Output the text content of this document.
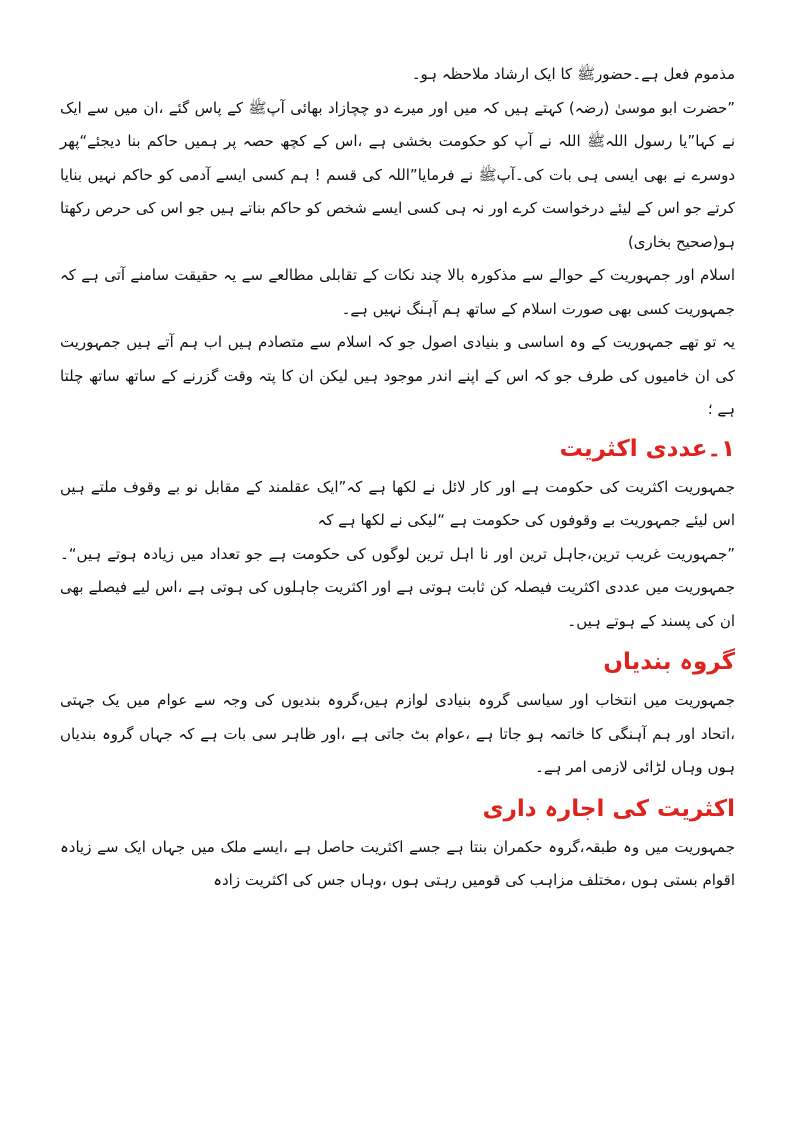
مذموم فعل ہے۔حضورﷺ کا ایک ارشاد ملاحظہ ہو۔

”حضرت ابو موسیٰ (رضہ) کہتے ہیں کہ میں اور میرے دو چچازاد بھائی آپﷺ کے پاس گئے ،ان میں سے ایک نے کہا”یا رسول اللہﷺ اللہ نے آپ کو حکومت بخشی ہے ،اس کے کچھ حصہ پر ہمیں حاکم بنا دیجئے“پھر دوسرے نے بھی ایسی ہی بات کی۔آپﷺ نے فرمایا”اللہ کی قسم ! ہم کسی ایسے آدمی کو حاکم نہیں بنایا کرتے جو اس کے لیئے درخواست کرے اور نہ ہی کسی ایسے شخص کو حاکم بناتے ہیں جو اس کی حرص رکھتا ہو(صحیح بخاری)

اسلام اور جمہوریت کے حوالے سے مذکورہ بالا چند نکات کے تقابلی مطالعے سے یہ حقیقت سامنے آتی ہے کہ جمہوریت کسی بھی صورت اسلام کے ساتھ ہم آہنگ نہیں ہے۔

یہ تو تھے جمہوریت کے وہ اساسی و بنیادی اصول جو کہ اسلام سے متصادم ہیں اب ہم آتے ہیں جمہوریت کی ان خامیوں کی طرف جو کہ اس کے اپنے اندر موجود ہیں لیکن ان کا پتہ وقت گزرنے کے ساتھ ساتھ چلتا ہے ؛

۱۔عددی اکثریت

جمہوریت اکثریت کی حکومت ہے اور کار لائل نے لکھا ہے کہ”ایک عقلمند کے مقابل نو بے وقوف ملتے ہیں اس لیئے جمہوریت بے وقوفوں کی حکومت ہے “لیکی نے لکھا ہے کہ

”جمہوریت غریب ترین،جاہل ترین اور نا اہل ترین لوگوں کی حکومت ہے جو تعداد میں زیادہ ہوتے ہیں“۔جمہوریت میں عددی اکثریت فیصلہ کن ثابت ہوتی ہے اور اکثریت جاہلوں کی ہوتی ہے ،اس لیے فیصلے بھی ان کی پسند کے ہوتے ہیں۔

گروہ بندیاں

جمہوریت میں انتخاب اور سیاسی گروہ بنیادی لوازم ہیں،گروہ بندیوں کی وجہ سے عوام میں یک جہتی ،اتحاد اور ہم آہنگی کا خاتمہ ہو جاتا ہے ،عوام بٹ جاتی ہے ،اور ظاہر سی بات ہے کہ جہاں گروہ بندیاں ہوں وہاں لڑائی لازمی امر ہے۔

اکثریت کی اجارہ داری

جمہوریت میں وہ طبقہ،گروہ حکمران بنتا ہے جسے اکثریت حاصل ہے ،ایسے ملک میں جہاں ایک سے زیادہ اقوام بستی ہوں ،مختلف مزاہب کی قومیں رہتی ہوں ،وہاں جس کی اکثریت زادہ
